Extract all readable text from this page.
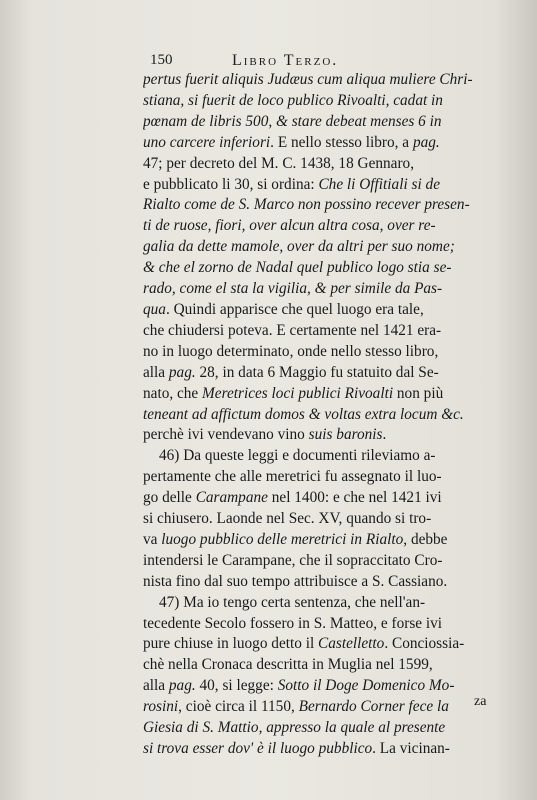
150	Libro Terzo.
pertus fuerit aliquis Judæus cum aliqua muliere Chri-
stiana, si fuerit de loco publico Rivoalti, cadat in
pœnam de libris 500, & stare debeat menses 6 in
uno carcere inferiori. E nello stesso libro, a pag.
47; per decreto del M. C. 1438, 18 Gennaro,
e pubblicato li 30, si ordina: Che li Offitiali si de
Rialto come de S. Marco non possino recever presen-
ti de ruose, fiori, over alcun altra cosa, over re-
galia da dette mamole, over da altri per suo nome;
& che el zorno de Nadal quel publico logo stia se-
rado, come el sta la vigilia, & per simile da Pas-
qua. Quindi apparisce che quel luogo era tale,
che chiudersi poteva. E certamente nel 1421 era-
no in luogo determinato, onde nello stesso libro,
alla pag. 28, in data 6 Maggio fu statuito dal Se-
nato, che Meretrices loci publici Rivoalti non più
teneant ad affictum domos & voltas extra locum &c.
perchè ivi vendevano vino suis baronis.
46) Da queste leggi e documenti rileviamo a-
pertamente che alle meretrici fu assegnato il luo-
go delle Carampane nel 1400: e che nel 1421 ivi
si chiusero. Laonde nel Sec. XV, quando si tro-
va luogo pubblico delle meretrici in Rialto, debbe
intendersi le Carampane, che il sopraccitato Cro-
nista fino dal suo tempo attribuisce a S. Cassiano.
47) Ma io tengo certa sentenza, che nell'an-
tecedente Secolo fossero in S. Matteo, e forse ivi
pure chiuse in luogo detto il Castelletto. Conciossia-
chè nella Cronaca descritta in Muglia nel 1599,
alla pag. 40, si legge: Sotto il Doge Domenico Mo-
rosini, cioè circa il 1150, Bernardo Corner fece la
Giesia di S. Mattio, appresso la quale al presente
si trova esser dov' è il luogo pubblico. La vicinan-
za
